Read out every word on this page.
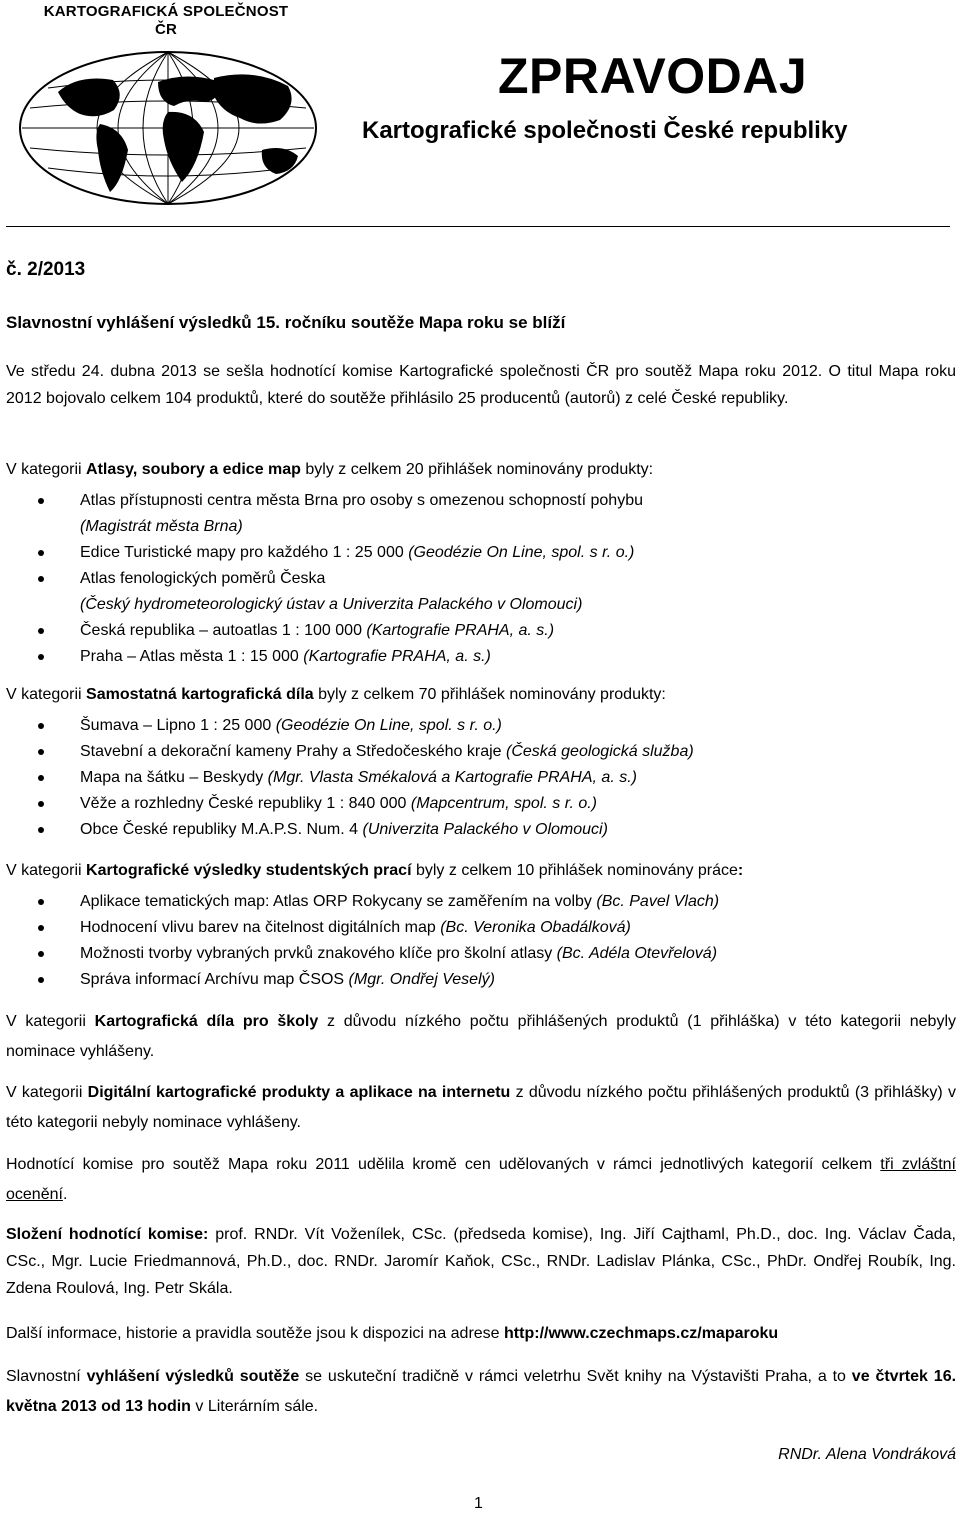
KARTOGRAFICKÁ SPOLEČNOST
ČR
ZPRAVODAJ
Kartografické společnosti České republiky
č. 2/2013
Slavnostní vyhlášení výsledků 15. ročníku soutěže Mapa roku se blíží
Ve středu 24. dubna 2013 se sešla hodnotící komise Kartografické společnosti ČR pro soutěž Mapa roku 2012. O titul Mapa roku 2012 bojovalo celkem 104 produktů, které do soutěže přihlásilo 25 producentů (autorů) z celé České republiky.
V kategorii Atlasy, soubory a edice map byly z celkem 20 přihlášek nominovány produkty:
Atlas přístupnosti centra města Brna pro osoby s omezenou schopností pohybu
(Magistrát města Brna)
Edice Turistické mapy pro každého 1 : 25 000 (Geodézie On Line, spol. s r. o.)
Atlas fenologických poměrů Česka
(Český hydrometeorologický ústav a Univerzita Palackého v Olomouci)
Česká republika – autoatlas 1 : 100 000 (Kartografie PRAHA, a. s.)
Praha – Atlas města 1 : 15 000 (Kartografie PRAHA, a. s.)
V kategorii Samostatná kartografická díla byly z celkem 70 přihlášek nominovány produkty:
Šumava – Lipno 1 : 25 000 (Geodézie On Line, spol. s r. o.)
Stavební a dekorační kameny Prahy a Středočeského kraje (Česká geologická služba)
Mapa na šátku – Beskydy (Mgr. Vlasta Smékalová a Kartografie PRAHA, a. s.)
Věže a rozhledny České republiky 1 : 840 000 (Mapcentrum, spol. s r. o.)
Obce České republiky M.A.P.S. Num. 4 (Univerzita Palackého v Olomouci)
V kategorii Kartografické výsledky studentských prací byly z celkem 10 přihlášek nominovány práce:
Aplikace tematických map: Atlas ORP Rokycany se zaměřením na volby (Bc. Pavel Vlach)
Hodnocení vlivu barev na čitelnost digitálních map (Bc. Veronika Obadálková)
Možnosti tvorby vybraných prvků znakového klíče pro školní atlasy (Bc. Adéla Otevřelová)
Správa informací Archívu map ČSOS (Mgr. Ondřej Veselý)
V kategorii Kartografická díla pro školy z důvodu nízkého počtu přihlášených produktů (1 přihláška) v této kategorii nebyly nominace vyhlášeny.
V kategorii Digitální kartografické produkty a aplikace na internetu z důvodu nízkého počtu přihlášených produktů (3 přihlášky) v této kategorii nebyly nominace vyhlášeny.
Hodnotící komise pro soutěž Mapa roku 2011 udělila kromě cen udělovaných v rámci jednotlivých kategorií celkem tři zvláštní ocenění.
Složení hodnotící komise: prof. RNDr. Vít Voženílek, CSc. (předseda komise), Ing. Jiří Cajthaml, Ph.D., doc. Ing. Václav Čada, CSc., Mgr. Lucie Friedmannová, Ph.D., doc. RNDr. Jaromír Kaňok, CSc., RNDr. Ladislav Plánka, CSc., PhDr. Ondřej Roubík, Ing. Zdena Roulová, Ing. Petr Skála.
Další informace, historie a pravidla soutěže jsou k dispozici na adrese http://www.czechmaps.cz/maparoku
Slavnostní vyhlášení výsledků soutěže se uskuteční tradičně v rámci veletrhu Svět knihy na Výstavišti Praha, a to ve čtvrtek 16. května 2013 od 13 hodin v Literárním sále.
RNDr. Alena Vondráková
1
